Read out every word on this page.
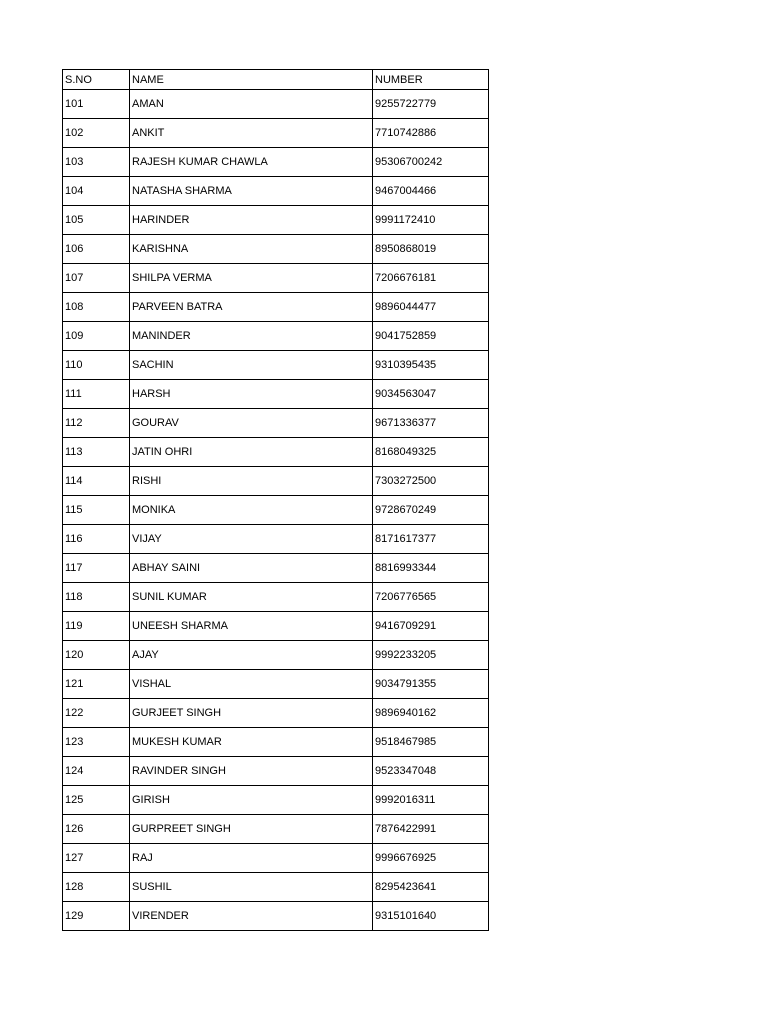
S.NO	NAME	NUMBER
101	AMAN	9255722779
102	ANKIT	7710742886
103	RAJESH KUMAR CHAWLA	95306700242
104	NATASHA SHARMA	9467004466
105	HARINDER	9991172410
106	KARISHNA	8950868019
107	SHILPA VERMA	7206676181
108	PARVEEN BATRA	9896044477
109	MANINDER	9041752859
110	SACHIN	9310395435
111	HARSH	9034563047
112	GOURAV	9671336377
113	JATIN OHRI	8168049325
114	RISHI	7303272500
115	MONIKA	9728670249
116	VIJAY	8171617377
117	ABHAY SAINI	8816993344
118	SUNIL KUMAR	7206776565
119	UNEESH SHARMA	9416709291
120	AJAY	9992233205
121	VISHAL	9034791355
122	GURJEET SINGH	9896940162
123	MUKESH KUMAR	9518467985
124	RAVINDER SINGH	9523347048
125	GIRISH	9992016311
126	GURPREET SINGH	7876422991
127	RAJ	9996676925
128	SUSHIL	8295423641
129	VIRENDER	9315101640
